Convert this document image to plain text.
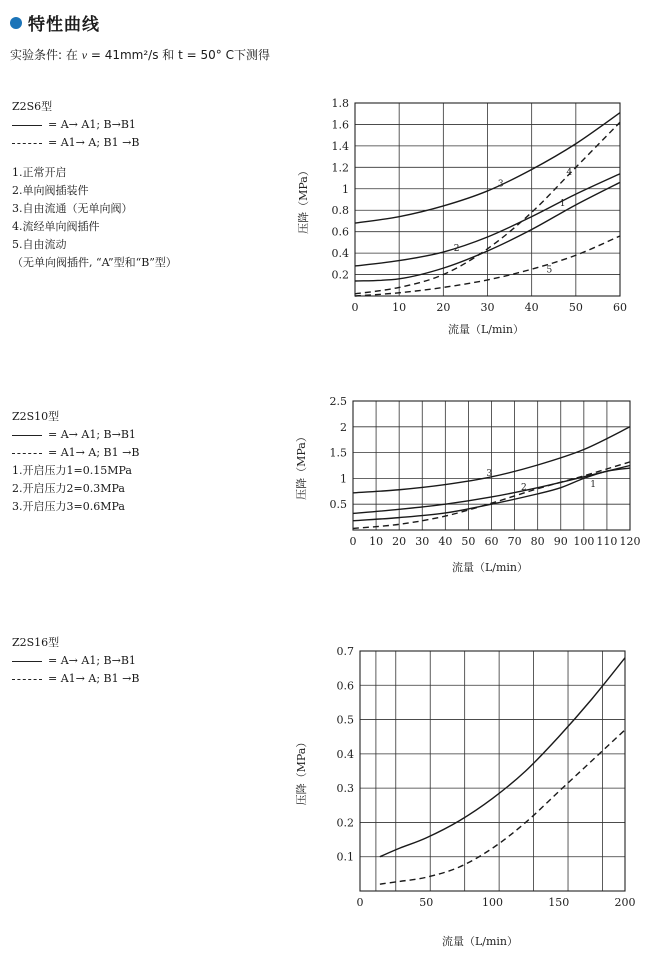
特性曲线
实验条件: 在 ν = 41mm²/s 和 t = 50° C下测得
Z2S6型
=
A→ A1; B→B1
=
A1→ A; B1 →B
1.正常开启
2.单向阀插装件
3.自由流通（无单向阀）
4.流经单向阀插件
5.自由流动
（无单向阀插件, “A”型和“B”型）
Z2S10型
=
A→ A1; B→B1
=
A1→ A; B1 →B
1.开启压力1=0.15MPa
2.开启压力2=0.3MPa
3.开启压力3=0.6MPa
Z2S16型
=
A→ A1; B→B1
=
A1→ A; B1 →B
0.2
0.4
0.6
0.8
1
1.2
1.4
1.6
1.8
0	10	20	30	40	50	60
压降（MPa）
流量（L/min）
1
2
3
4
5
0.5
1
1.5
2
2.5
0 10 20 30 40 50 60 70 80 90 100 110 120
压降（MPa）
流量（L/min）
1
2
3
0.1
0.2
0.3
0.4
0.5
0.6
0.7
0	50	100	150	200
压降（MPa）
流量（L/min）
